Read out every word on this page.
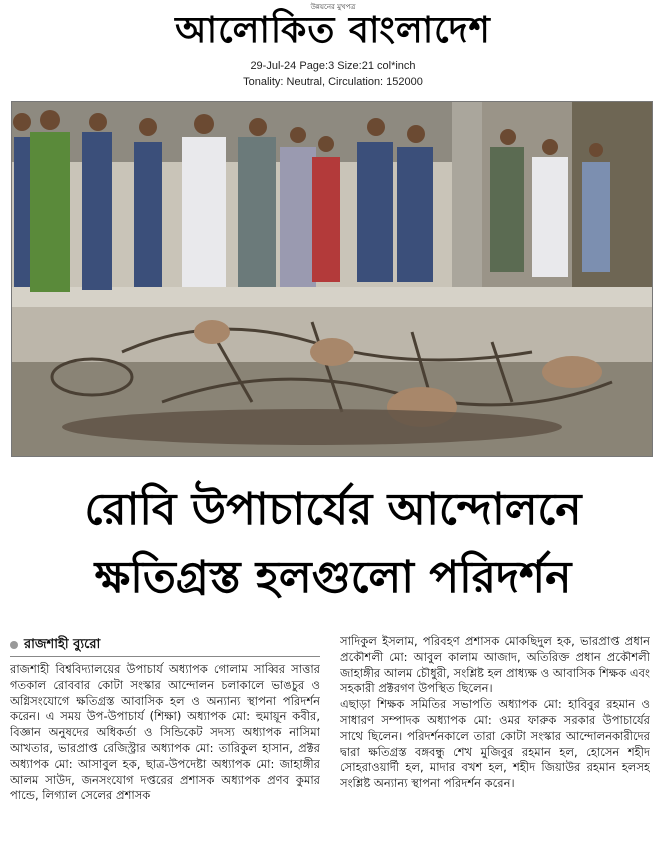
উন্নয়নের মুখপত্র
আলোকিত বাংলাদেশ
29-Jul-24 Page:3 Size:21 col*inch
Tonality: Neutral, Circulation: 152000
রোবি উপাচার্যের আন্দোলনে
ক্ষতিগ্রস্ত হলগুলো পরিদর্শন
রাজশাহী ব্যুরো

রাজশাহী বিশ্ববিদ্যালয়ের উপাচার্য অধ্যাপক গোলাম সাব্বির সাত্তার গতকাল রোববার কোটা সংস্কার আন্দোলন চলাকালে ভাঙচুর ও অগ্নিসংযোগে ক্ষতিগ্রস্ত আবাসিক হল ও অন্যান্য স্থাপনা পরিদর্শন করেন। এ সময় উপ-উপাচার্য (শিক্ষা) অধ্যাপক মো: হুমায়ূন কবীর, বিজ্ঞান অনুষদের অধিকর্তা ও সিন্ডিকেট সদস্য অধ্যাপক নাসিমা আখতার, ভারপ্রাপ্ত রেজিস্ট্রার অধ্যাপক মো: তারিকুল হাসান, প্রক্টর অধ্যাপক মো: আসাবুল হক, ছাত্র-উপদেষ্টা অধ্যাপক মো: জাহাঙ্গীর আলম সাউদ, জনসংযোগ দপ্তরের প্রশাসক অধ্যাপক প্রণব কুমার পান্ডে, লিগ্যাল সেলের প্রশাসক

সাদিকুল ইসলাম, পরিবহণ প্রশাসক মোকছিদুল হক, ভারপ্রাপ্ত প্রধান প্রকৌশলী মো: আবুল কালাম আজাদ, অতিরিক্ত প্রধান প্রকৌশলী জাহাঙ্গীর আলম চৌধুরী, সংশ্লিষ্ট হল প্রাধ্যক্ষ ও আবাসিক শিক্ষক এবং সহকারী প্রক্টরগণ উপস্থিত ছিলেন।

এছাড়া শিক্ষক সমিতির সভাপতি অধ্যাপক মো: হাবিবুর রহমান ও সাধারণ সম্পাদক অধ্যাপক মো: ওমর ফারুক সরকার উপাচার্যের সাথে ছিলেন। পরিদর্শনকালে তারা কোটা সংস্কার আন্দোলনকারীদের দ্বারা ক্ষতিগ্রস্ত বঙ্গবন্ধু শেখ মুজিবুর রহমান হল, হোসেন শহীদ সোহরাওয়ার্দী হল, মাদার বখশ হল, শহীদ জিয়াউর রহমান হলসহ সংশ্লিষ্ট অন্যান্য স্থাপনা পরিদর্শন করেন।
